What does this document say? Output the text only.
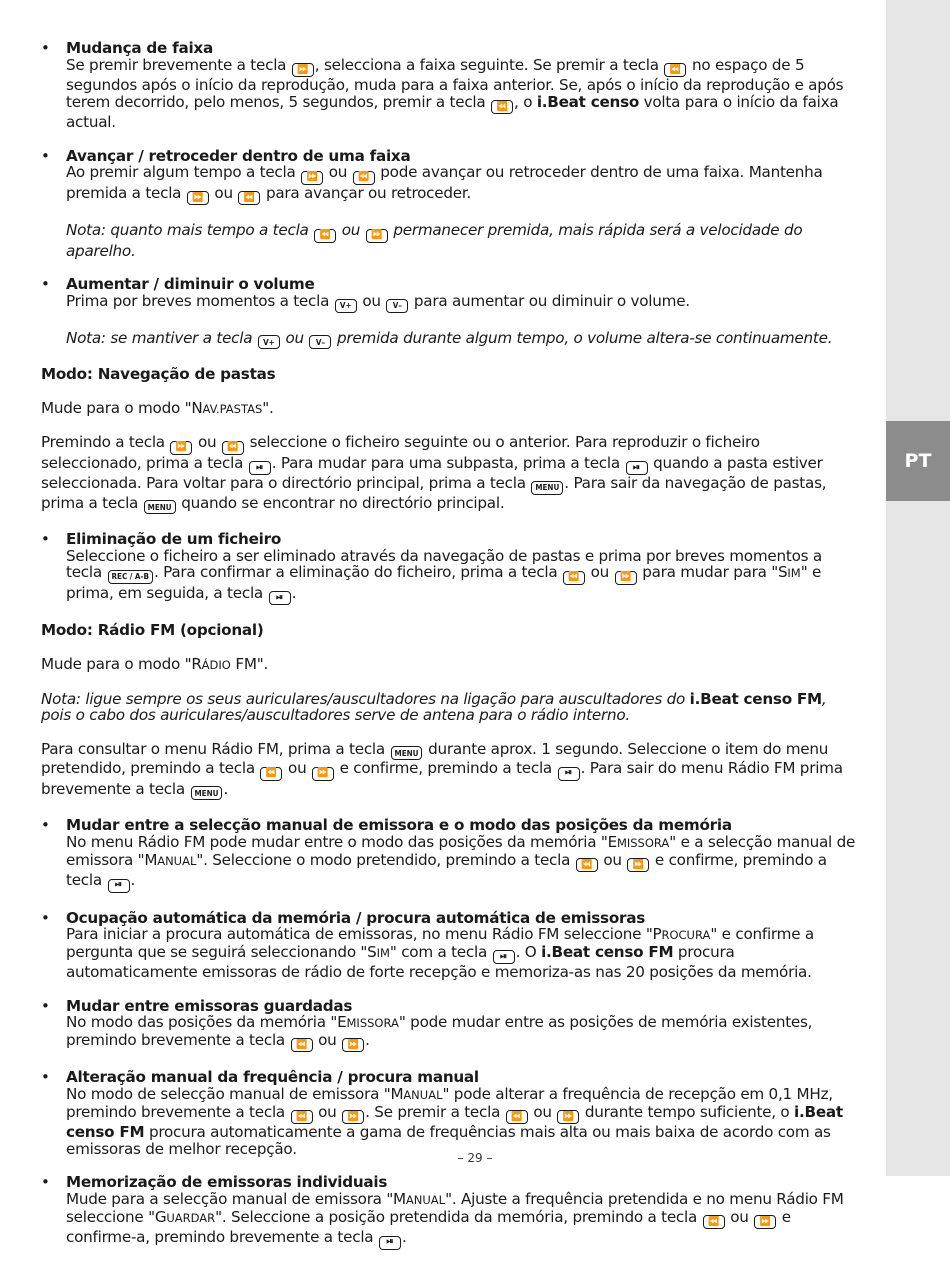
PT
• Mudança de faixa
Se premir brevemente a tecla ⏩ , selecciona a faixa seguinte. Se premir a tecla ⏪ no espaço de 5 segundos após o início da reprodução, muda para a faixa anterior. Se, após o início da reprodução e após terem decorrido, pelo menos, 5 segundos, premir a tecla ⏪ , o i.Beat censo volta para o início da faixa actual.
• Avançar / retroceder dentro de uma faixa
Ao premir algum tempo a tecla ⏩ ou ⏪ pode avançar ou retroceder dentro de uma faixa. Mantenha premida a tecla ⏩ ou ⏪ para avançar ou retroceder.
Nota: quanto mais tempo a tecla ⏪ ou ⏩ permanecer premida, mais rápida será a velocidade do aparelho.
• Aumentar / diminuir o volume
Prima por breves momentos a tecla V+ ou V– para aumentar ou diminuir o volume.
Nota: se mantiver a tecla V+ ou V– premida durante algum tempo, o volume altera-se continuamente.
Modo: Navegação de pastas
Mude para o modo "NAV.PASTAS".
Premindo a tecla ⏩ ou ⏪ seleccione o ficheiro seguinte ou o anterior. Para reproduzir o ficheiro seleccionado, prima a tecla ⏯ . Para mudar para uma subpasta, prima a tecla ⏯ quando a pasta estiver seleccionada. Para voltar para o directório principal, prima a tecla MENU . Para sair da navegação de pastas, prima a tecla MENU quando se encontrar no directório principal.
• Eliminação de um ficheiro
Seleccione o ficheiro a ser eliminado através da navegação de pastas e prima por breves momentos a tecla REC / A-B . Para confirmar a eliminação do ficheiro, prima a tecla ⏪ ou ⏩ para mudar para "SIM" e prima, em seguida, a tecla ⏯ .
Modo: Rádio FM (opcional)
Mude para o modo "RÁDIO FM".
Nota: ligue sempre os seus auriculares/auscultadores na ligação para auscultadores do i.Beat censo FM, pois o cabo dos auriculares/auscultadores serve de antena para o rádio interno.
Para consultar o menu Rádio FM, prima a tecla MENU durante aprox. 1 segundo. Seleccione o item do menu pretendido, premindo a tecla ⏪ ou ⏩ e confirme, premindo a tecla ⏯ . Para sair do menu Rádio FM prima brevemente a tecla MENU .
• Mudar entre a selecção manual de emissora e o modo das posições da memória
No menu Rádio FM pode mudar entre o modo das posições da memória "EMISSORA" e a selecção manual de emissora "MANUAL". Seleccione o modo pretendido, premindo a tecla ⏪ ou ⏩ e confirme, premindo a tecla ⏯ .
• Ocupação automática da memória / procura automática de emissoras
Para iniciar a procura automática de emissoras, no menu Rádio FM seleccione "PROCURA" e confirme a pergunta que se seguirá seleccionando "SIM" com a tecla ⏯ . O i.Beat censo FM procura automaticamente emissoras de rádio de forte recepção e memoriza-as nas 20 posições da memória.
• Mudar entre emissoras guardadas
No modo das posições da memória "EMISSORA" pode mudar entre as posições de memória existentes, premindo brevemente a tecla ⏪ ou ⏩ .
• Alteração manual da frequência / procura manual
No modo de selecção manual de emissora "MANUAL" pode alterar a frequência de recepção em 0,1 MHz, premindo brevemente a tecla ⏪ ou ⏩ . Se premir a tecla ⏪ ou ⏩ durante tempo suficiente, o i.Beat censo FM procura automaticamente a gama de frequências mais alta ou mais baixa de acordo com as emissoras de melhor recepção.
• Memorização de emissoras individuais
Mude para a selecção manual de emissora "MANUAL". Ajuste a frequência pretendida e no menu Rádio FM seleccione "GUARDAR". Seleccione a posição pretendida da memória, premindo a tecla ⏪ ou ⏩ e confirme-a, premindo brevemente a tecla ⏯ .
– 29 –
